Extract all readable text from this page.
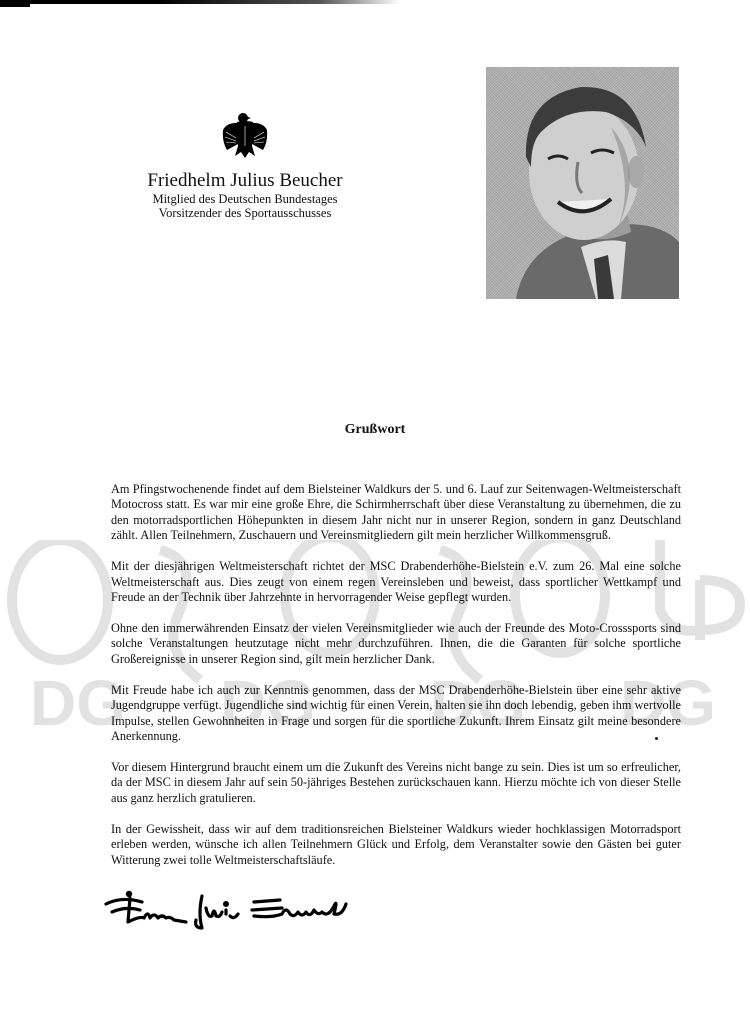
DG DG DG DG
Friedhelm Julius Beucher
Mitglied des Deutschen Bundestages
Vorsitzender des Sportausschusses
Grußwort

Am Pfingstwochenende findet auf dem Bielsteiner Waldkurs der 5. und 6. Lauf zur Seitenwagen-Weltmeisterschaft Motocross statt. Es war mir eine große Ehre, die Schirmherrschaft über diese Veranstaltung zu übernehmen, die zu den motorradsportlichen Höhepunkten in diesem Jahr nicht nur in unserer Region, sondern in ganz Deutschland zählt. Allen Teilnehmern, Zuschauern und Vereinsmitgliedern gilt mein herzlicher Willkommensgruß.

Mit der diesjährigen Weltmeisterschaft richtet der MSC Drabenderhöhe-Bielstein e.V. zum 26. Mal eine solche Weltmeisterschaft aus. Dies zeugt von einem regen Vereinsleben und beweist, dass sportlicher Wettkampf und Freude an der Technik über Jahrzehnte in hervorragender Weise gepflegt wurden.

Ohne den immerwährenden Einsatz der vielen Vereinsmitglieder wie auch der Freunde des Moto-Crosssports sind solche Veranstaltungen heutzutage nicht mehr durchzuführen. Ihnen, die die Garanten für solche sportliche Großereignisse in unserer Region sind, gilt mein herzlicher Dank.

Mit Freude habe ich auch zur Kenntnis genommen, dass der MSC Drabenderhöhe-Bielstein über eine sehr aktive Jugendgruppe verfügt. Jugendliche sind wichtig für einen Verein, halten sie ihn doch lebendig, geben ihm wertvolle Impulse, stellen Gewohnheiten in Frage und sorgen für die sportliche Zukunft. Ihrem Einsatz gilt meine besondere Anerkennung.

Vor diesem Hintergrund braucht einem um die Zukunft des Vereins nicht bange zu sein. Dies ist um so erfreulicher, da der MSC in diesem Jahr auf sein 50-jähriges Bestehen zurückschauen kann. Hierzu möchte ich von dieser Stelle aus ganz herzlich gratulieren.

In der Gewissheit, dass wir auf dem traditionsreichen Bielsteiner Waldkurs wieder hochklassigen Motorradsport erleben werden, wünsche ich allen Teilnehmern Glück und Erfolg, dem Veranstalter sowie den Gästen bei guter Witterung zwei tolle Weltmeisterschaftsläufe.

Friedhelm Julius Beucher
